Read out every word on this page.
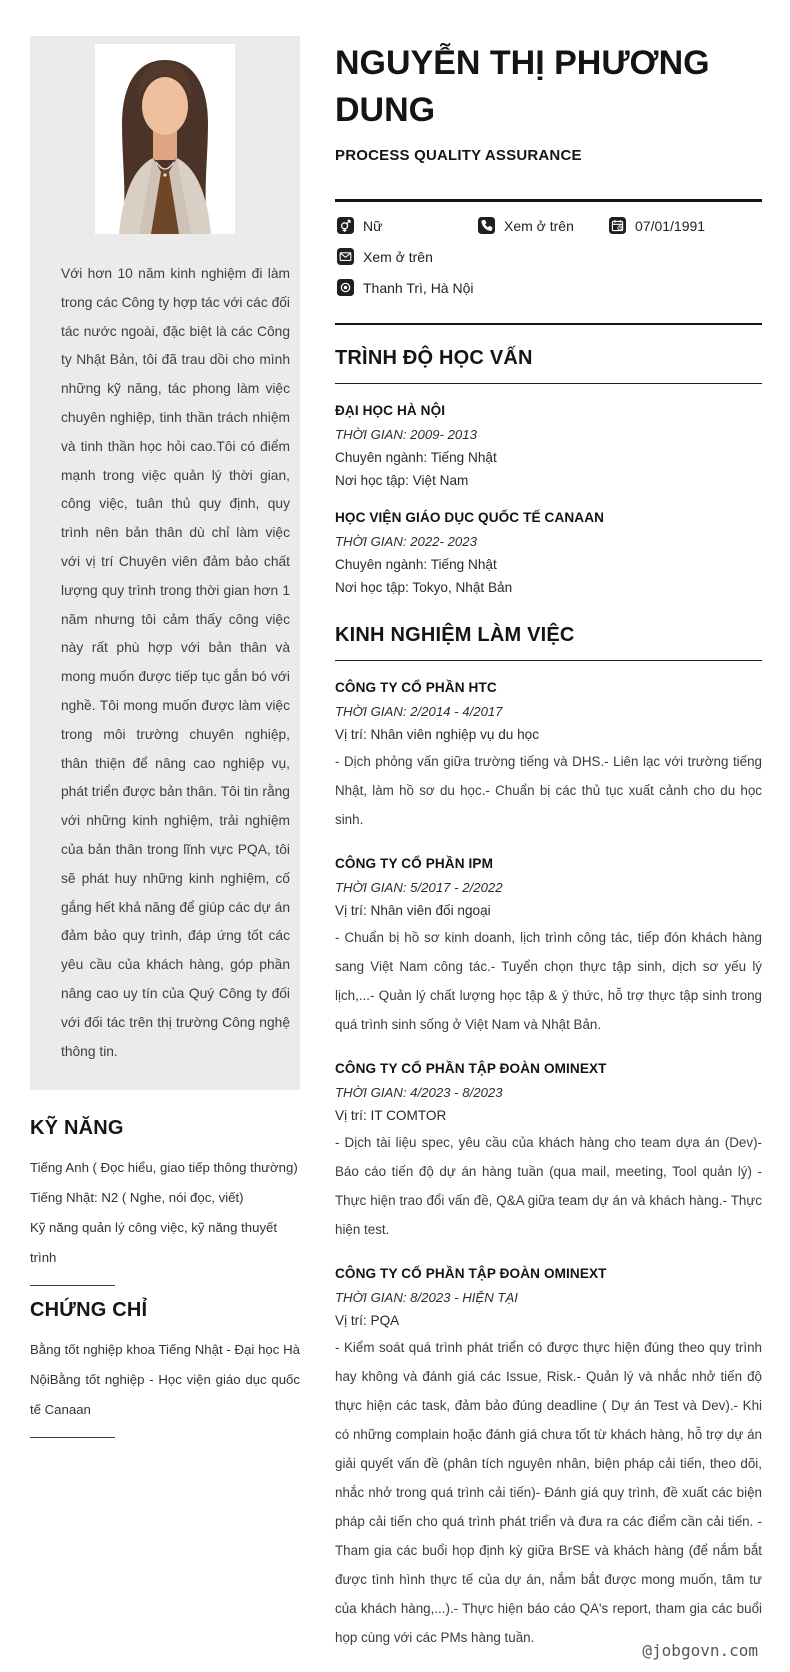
Với hơn 10 năm kinh nghiệm đi làm trong các Công ty hợp tác với các đối tác nước ngoài, đặc biệt là các Công ty Nhật Bản, tôi đã trau dồi cho mình những kỹ năng, tác phong làm việc chuyên nghiệp, tinh thần trách nhiệm và tinh thần học hỏi cao.Tôi có điểm mạnh trong việc quản lý thời gian, công việc, tuân thủ quy định, quy trình nên bản thân dù chỉ làm việc với vị trí Chuyên viên đảm bảo chất lượng quy trình trong thời gian hơn 1 năm nhưng tôi cảm thấy công việc này rất phù hợp với bản thân và mong muốn được tiếp tục gắn bó với nghề. Tôi mong muốn được làm việc trong môi trường chuyên nghiệp, thân thiện để nâng cao nghiệp vụ, phát triển được bản thân. Tôi tin rằng với những kinh nghiệm, trải nghiệm của bản thân trong lĩnh vực PQA, tôi sẽ phát huy những kinh nghiệm, cố gắng hết khả năng để giúp các dự án đảm bảo quy trình, đáp ứng tốt các yêu cầu của khách hàng, góp phần nâng cao uy tín của Quý Công ty đối với đối tác trên thị trường Công nghệ thông tin.

KỸ NĂNG
Tiếng Anh ( Đọc hiểu, giao tiếp thông thường)
Tiếng Nhật: N2 ( Nghe, nói đọc, viết)
Kỹ năng quản lý công việc, kỹ năng thuyết trình
CHỨNG CHỈ

Bằng tốt nghiệp khoa Tiếng Nhật - Đại học Hà NộiBằng tốt nghiệp - Học viện giáo dục quốc tế Canaan

NGUYỄN THỊ PHƯƠNG DUNG
PROCESS QUALITY ASSURANCE
Nữ	Xem ở trên	07/01/1991
Xem ở trên
Thanh Trì, Hà Nội
TRÌNH ĐỘ HỌC VẤN
ĐẠI HỌC HÀ NỘI
THỜI GIAN: 2009- 2013
Chuyên ngành: Tiếng Nhật
Nơi học tập: Việt Nam
HỌC VIỆN GIÁO DỤC QUỐC TẾ CANAAN
THỜI GIAN: 2022- 2023
Chuyên ngành: Tiếng Nhật
Nơi học tập: Tokyo, Nhật Bản
KINH NGHIỆM LÀM VIỆC
CÔNG TY CỔ PHẦN HTC
THỜI GIAN: 2/2014 - 4/2017
Vị trí: Nhân viên nghiệp vụ du học
- Dịch phỏng vấn giữa trường tiếng và DHS.- Liên lạc với trường tiếng Nhật, làm hồ sơ du học.- Chuẩn bị các thủ tục xuất cảnh cho du học sinh.
CÔNG TY CỔ PHẦN IPM
THỜI GIAN: 5/2017 - 2/2022
Vị trí: Nhân viên đối ngoại
- Chuẩn bị hồ sơ kinh doanh, lịch trình công tác, tiếp đón khách hàng sang Việt Nam công tác.- Tuyển chọn thực tập sinh, dịch sơ yếu lý lịch,...- Quản lý chất lượng học tập & ý thức, hỗ trợ thực tập sinh trong quá trình sinh sống ở Việt Nam và Nhật Bản.
CÔNG TY CỔ PHẦN TẬP ĐOÀN OMINEXT
THỜI GIAN: 4/2023 - 8/2023
Vị trí: IT COMTOR
- Dịch tài liệu spec, yêu cầu của khách hàng cho team dựa án (Dev)- Báo cáo tiến độ dự án hàng tuần (qua mail, meeting, Tool quản lý) - Thực hiện trao đổi vấn đề, Q&A giữa team dự án và khách hàng.- Thực hiện test.
CÔNG TY CỔ PHẦN TẬP ĐOÀN OMINEXT
THỜI GIAN: 8/2023 - HIỆN TẠI
Vị trí: PQA
- Kiểm soát quá trình phát triển có được thực hiện đúng theo quy trình hay không và đánh giá các Issue, Risk.- Quản lý và nhắc nhở tiến độ thực hiện các task, đảm bảo đúng deadline ( Dự án Test và Dev).- Khi có những complain hoặc đánh giá chưa tốt từ khách hàng, hỗ trợ dự án giải quyết vấn đề (phân tích nguyên nhân, biện pháp cải tiến, theo dõi, nhắc nhở trong quá trình cải tiến)- Đánh giá quy trình, đề xuất các biện pháp cải tiến cho quá trình phát triển và đưa ra các điểm cần cải tiến. - Tham gia các buổi họp định kỳ giữa BrSE và khách hàng (để nắm bắt được tình hình thực tế của dự án, nắm bắt được mong muốn, tâm tư của khách hàng,...).- Thực hiện báo cáo QA's report, tham gia các buổi họp cùng với các PMs hàng tuần.
@jobgovn.com
